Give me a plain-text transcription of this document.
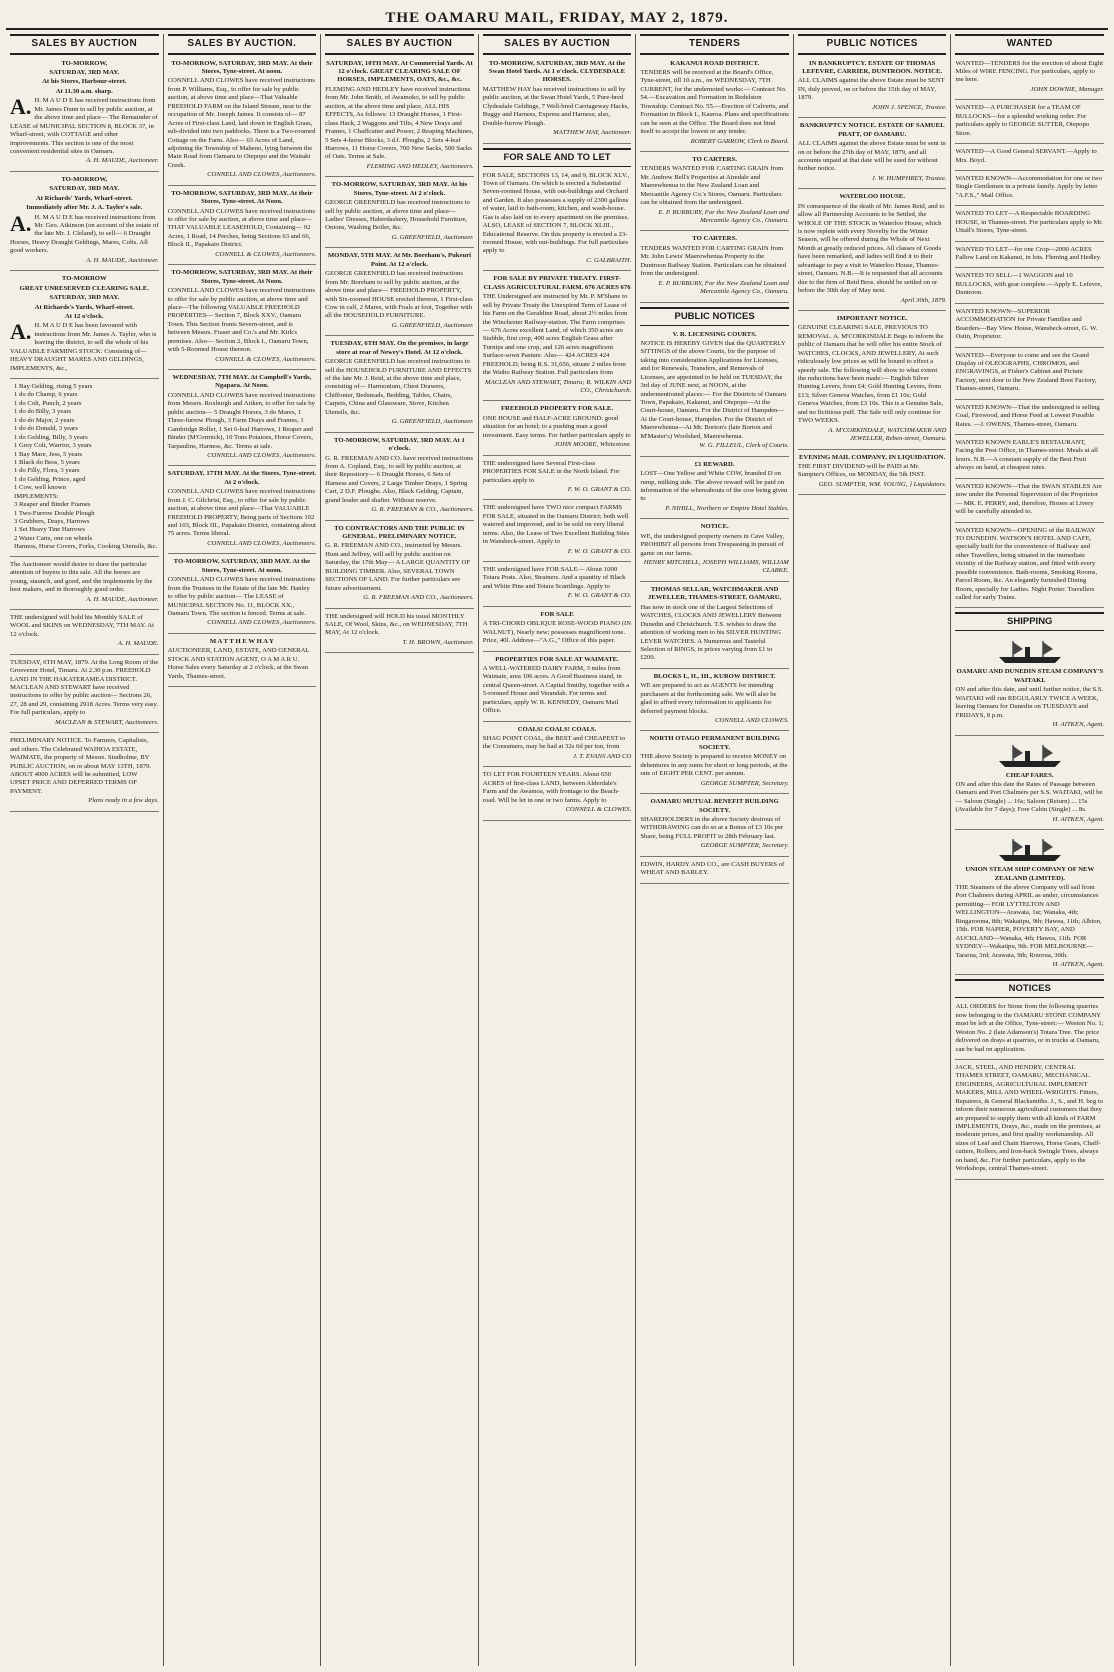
THE OAMARU MAIL, FRIDAY, MAY 2, 1879.
SALES BY AUCTION

TO-MORROW,

SATURDAY, 3RD MAY.

At his Stores, Harbour-street.

At 11.30 a.m. sharp.

A. H. M A U D E has received instructions from Mr. James Dunn to sell by public auction, at the above time and place— The Remainder of LEASE of MUNICIPAL SECTION 8, BLOCK 37, in Wharf-street, with COTTAGE and other improvements. This section is one of the most convenient residential sites in Oamaru.

A. H. MAUDE, Auctioneer.

TO-MORROW,

SATURDAY, 3RD MAY.

At Richards' Yards, Wharf-street.

Immediately after Mr. J. A. Tayler's sale.

A. H. M A U D E has received instructions from Mr. Geo. Atkinson (on account of the estate of the late Mr. J. Cleland), to sell— 6 Draught Horses, Heavy Draught Geldings, Mares, Colts. All good workers.

A. H. MAUDE, Auctioneer.

TO-MORROW

GREAT UNRESERVED CLEARING SALE.

SATURDAY, 3RD MAY.

At Richards's Yards, Wharf-street.

At 12 o'clock.

A. H. M A U D E has been favoured with instructions from Mr. James A. Tayler, who is leaving the district, to sell the whole of his VALUABLE FARMING STOCK: Consisting of— HEAVY DRAUGHT MARES AND GELDINGS, IMPLEMENTS, &c.,

1 Bay Gelding, rising 5 years

1 do do Champ, 6 years

1 do Colt, Punch, 2 years

1 do do Billy, 3 years

1 do do Major, 2 years

1 do do Donald, 3 years

1 do Gelding, Billy, 3 years

1 Grey Colt, Warrior, 3 years

1 Bay Mare, Jess, 5 years

1 Black do Bess, 5 years

1 do Filly, Flora, 3 years

1 do Gelding, Prince, aged

1 Cow, well known

IMPLEMENTS:

3 Reaper and Binder Frames

1 Two-Furrow Double Plough

3 Grubbers, Drays, Harrows

1 Set Heavy Tine Harrows

2 Water Carts, one on wheels

Harness, Horse Covers, Forks, Cooking Utensils, &c.

The Auctioneer would desire to draw the particular attention of buyers to this sale. All the horses are young, staunch, and good, and the implements by the best makers, and in thoroughly good order.

A. H. MAUDE, Auctioneer.

THE undersigned will hold his Monthly SALE of WOOL and SKINS on WEDNESDAY, 7TH MAY. At 12 o'clock.

A. H. MAUDE.

TUESDAY, 6TH MAY, 1879. At the Long Room of the Grosvenor Hotel, Timaru. At 2.30 p.m. FREEHOLD LAND IN THE HAKATERAMEA DISTRICT. MACLEAN AND STEWART have received instructions to offer by public auction— Sections 26, 27, 28 and 29, containing 2918 Acres. Terms very easy. For full particulars, apply to

MACLEAN & STEWART, Auctioneers.

PRELIMINARY NOTICE. To Farmers, Capitalists, and others. The Celebrated WAIHOA ESTATE, WAIMATE, the property of Messrs. Studholme, BY PUBLIC AUCTION, on or about MAY 13TH, 1879. ABOUT 4000 ACRES will be submitted, LOW UPSET PRICE AND DEFERRED TERMS OF PAYMENT.

Plans ready in a few days.

SALES BY AUCTION.

TO-MORROW, SATURDAY, 3RD MAY. At their Stores, Tyne-street. At noon.

CONNELL AND CLOWES have received instructions from P. Williams, Esq., to offer for sale by public auction, at above time and place—That Valuable FREEHOLD FARM on the Island Stream, near to the occupation of Mr. Joseph James. It consists of— 87 Acres of First-class Land, laid down in English Grass, sub-divided into two paddocks. There is a Two-roomed Cottage on the Farm. Also— 63 Acres of Land, adjoining the Township of Maheno, lying between the Main Road from Oamaru to Otepopo and the Waitaki Creek.

CONNELL AND CLOWES, Auctioneers.

TO-MORROW, SATURDAY, 3RD MAY. At their Stores, Tyne-street. At Noon.

CONNELL AND CLOWES have received instructions to offer for sale by auction, at above time and place—THAT VALUABLE LEASEHOLD, Containing— 92 Acres, 1 Road, 14 Perches, being Sections 63 and 66, Block II., Papakaio District.

CONNELL & CLOWES, Auctioneers.

TO-MORROW, SATURDAY, 3RD MAY. At their Stores, Tyne-street. At Noon.

CONNELL AND CLOWES have received instructions to offer for sale by public auction, at above time and place—The following VALUABLE FREEHOLD PROPERTIES— Section 7, Block XXV., Oamaru Town. This Section fronts Severn-street, and is between Messrs. Fraser and Co.'s and Mr. Kirk's premises. Also— Section 2, Block I., Oamaru Town, with 5-Roomed House thereon.

CONNELL & CLOWES, Auctioneers.

WEDNESDAY, 7TH MAY. At Campbell's Yards, Ngapara. At Noon.

CONNELL AND CLOWES have received instructions from Messrs. Roxburgh and Aitken, to offer for sale by public auction— 5 Draught Horses, 3 do Mares, 1 Three-furrow Plough, 3 Farm Drays and Frames, 1 Cambridge Roller, 1 Set 6-leaf Harrows, 1 Reaper and Binder (M'Cormick), 10 Tons Potatoes, Horse Covers, Tarpaulins, Harness, &c. Terms at sale.

CONNELL AND CLOWES, Auctioneers.

SATURDAY, 17TH MAY. At the Stores, Tyne-street. At 2 o'clock.

CONNELL AND CLOWES have received instructions from J. C. Gilchrist, Esq., to offer for sale by public auction, at above time and place—That VALUABLE FREEHOLD PROPERTY, Being parts of Sections 102 and 103, Block III., Papakaio District, containing about 75 acres. Terms liberal.

CONNELL AND CLOWES, Auctioneers.

TO-MORROW, SATURDAY, 3RD MAY. At the Stores, Tyne-street. At noon.

CONNELL AND CLOWES have received instructions from the Trustees in the Estate of the late Mr. Hanley to offer by public auction— The LEASE of MUNICIPAL SECTION No. 11, BLOCK XX., Oamaru Town. The section is fenced. Terms at sale.

CONNELL AND CLOWES, Auctioneers.

M A T T H E W H A Y

AUCTIONEER, LAND, ESTATE, AND GENERAL STOCK AND STATION AGENT, O A M A R U. Horse Sales every Saturday at 2 o'clock, at the Swan Yards, Thames-street.

SALES BY AUCTION

SATURDAY, 10TH MAY. At Commercial Yards. At 12 o'clock. GREAT CLEARING SALE OF HORSES, IMPLEMENTS, OATS, &c., &c.

FLEMING AND HEDLEY have received instructions from Mr. John Smith, of Awamoko, to sell by public auction, at the above time and place, ALL HIS EFFECTS, As follows: 13 Draught Horses, 1 First-class Hack, 2 Waggons and Tilts, 4 New Drays and Frames, 1 Chaffcutter and Power, 2 Reaping Machines, 5 Sets 4-horse Blocks, 3 d.f. Ploughs, 2 Sets 4-leaf Harrows, 11 Horse Covers, 700 New Sacks, 500 Sacks of Oats. Terms at Sale.

FLEMING AND HEDLEY, Auctioneers.

TO-MORROW, SATURDAY, 3RD MAY. At his Stores, Tyne-street. At 2 o'clock.

GEORGE GREENFIELD has received instructions to sell by public auction, at above time and place—Ladies' Dresses, Haberdashery, Household Furniture, Onions, Washing Boiler, &c.

G. GREENFIELD, Auctioneer.

MONDAY, 5TH MAY. At Mr. Boreham's, Pukeuri Point. At 12 o'clock.

GEORGE GREENFIELD has received instructions from Mr. Boreham to sell by public auction, at the above time and place— FREEHOLD PROPERTY, with Six-roomed HOUSE erected thereon, 1 First-class Cow in calf, 2 Mares, with Foals at foot, Together with all the HOUSEHOLD FURNITURE.

G. GREENFIELD, Auctioneer.

TUESDAY, 6TH MAY. On the premises, in large store at rear of Newey's Hotel. At 12 o'clock.

GEORGE GREENFIELD has received instructions to sell the HOUSEHOLD FURNITURE AND EFFECTS of the late Mr. J. Reid, at the above time and place, consisting of— Harmonium, Chest Drawers, Chiffonier, Bedsteads, Bedding, Tables, Chairs, Carpets, China and Glassware, Stove, Kitchen Utensils, &c.

G. GREENFIELD, Auctioneer.

TO-MORROW, SATURDAY, 3RD MAY. At 1 o'clock.

G. R. FREEMAN AND CO. have received instructions from A. Copland, Esq., to sell by public auction, at their Repository— 6 Draught Horses, 6 Sets of Harness and Covers, 2 Large Timber Drays, 1 Spring Cart, 2 D.F. Ploughs. Also, Black Gelding, Captain, grand leader and shafter. Without reserve.

G. R. FREEMAN & CO., Auctioneers.

TO CONTRACTORS AND THE PUBLIC IN GENERAL. PRELIMINARY NOTICE.

G. R. FREEMAN AND CO., instructed by Messrs. Hunt and Jeffrey, will sell by public auction on Saturday, the 17th May— A LARGE QUANTITY OF BUILDING TIMBER. Also, SEVERAL TOWN SECTIONS OF LAND. For further particulars see future advertisement.

G. R. FREEMAN AND CO., Auctioneers.

THE undersigned will HOLD his usual MONTHLY SALE, Of Wool, Skins, &c., on WEDNESDAY, 7TH MAY, At 12 o'clock.

T. H. BROWN, Auctioneer.

SALES BY AUCTION

TO-MORROW, SATURDAY, 3RD MAY. At the Swan Hotel Yards. At 1 o'clock. CLYDESDALE HORSES.

MATTHEW HAY has received instructions to sell by public auction, at the Swan Hotel Yards, 5 Pure-bred Clydesdale Geldings, 7 Well-bred Carriageway Hacks, Buggy and Harness, Express and Harness; also, Double-furrow Plough.

MATTHEW HAY, Auctioneer.

FOR SALE AND TO LET

FOR SALE, SECTIONS 13, 14, and 9, BLOCK XLV., Town of Oamaru. On which is erected a Substantial Seven-roomed House, with out-buildings and Orchard and Garden. It also possesses a supply of 2300 gallons of water, laid to bath-room, kitchen, and wash-house. Gas is also laid on to every apartment on the premises. ALSO, LEASE of SECTION 7, BLOCK XLIII., Educational Reserve. On this property is erected a 23-roomed House, with out-buildings. For full particulars apply to

C. GALBRAITH.

FOR SALE BY PRIVATE TREATY. FIRST-CLASS AGRICULTURAL FARM. 676 ACRES 676

THE Undersigned are instructed by Mr. P. M'Shane to sell by Private Treaty the Unexpired Term of Lease of his Farm on the Geraldine Road, about 2½ miles from the Winchester Railway-station. The Farm comprises— 676 Acres excellent Land, of which 350 acres are Stubble, first crop, 400 acres English Grass after Turnips and one crop, and 126 acres magnificent Surface-sown Pasture. Also— 424 ACRES 424 FREEHOLD, being R.S. 31,656, situate 2 miles from the Waiho Railway Station. Full particulars from

MACLEAN AND STEWART, Timaru; R. WILKIN AND CO., Christchurch.

FREEHOLD PROPERTY FOR SALE.

ONE HOUSE and HALF-ACRE GROUND: good situation for an hotel; to a pushing man a good investment. Easy terms. For further particulars apply to

JOHN MOORE, Whitestone.

THE undersigned have Several First-class PROPERTIES FOR SALE in the North Island. For particulars apply to

F. W. O. GRANT & CO.

THE undersigned have TWO nice compact FARMS FOR SALE, situated in the Oamaru District; both well watered and improved, and to be sold on very liberal terms. Also, the Lease of Two Excellent Building Sites in Wansbeck-street. Apply to

F. W. O. GRANT & CO.

THE undersigned have FOR SALE— About 1000 Totara Posts. Also, Strainers. And a quantity of Black and White Pine and Totara Scantlings. Apply to

F. W. O. GRANT & CO.

FOR SALE

A TRI-CHORD OBLIQUE ROSE-WOOD PIANO (IN WALNUT), Nearly new; possesses magnificent tone. Price, 40l. Address—"A.G.," Office of this paper.

PROPERTIES FOR SALE AT WAIMATE.

A WELL-WATERED DAIRY FARM, 3 miles from Waimate, area 106 acres. A Good Business stand, in central Queen-street. A Capital Smithy, together with a 5-roomed House and Verandah. For terms and particulars, apply W. R. KENNEDY, Oamaru Mail Office.

COALS! COALS! COALS.

SHAG POINT COAL, the BEST and CHEAPEST to the Consumers, may be had at 32s 6d per ton, from

J. T. EVANS AND CO

TO LET FOR FOURTEEN YEARS. About 650 ACRES of first-class LAND, between Alderdale's Farm and the Awamoa, with frontage to the Beach-road. Will be let in one or two farms. Apply to

CONNELL & CLOWES.

TENDERS

KAKANUI ROAD DISTRICT.

TENDERS will be received at the Board's Office, Tyne-street, till 10 a.m., on WEDNESDAY, 7TH CURRENT, for the undernoted works:— Contract No. 54.—Excavation and Formation in Redelston Township. Contract No. 55.—Erection of Culverts, and Formation in Block I., Kauroa. Plans and specifications can be seen at the Office. The Board does not bind itself to accept the lowest or any tender.

ROBERT GARROW, Clerk to Board.

TO CARTERS.

TENDERS WANTED FOR CARTING GRAIN from Mr. Andrew Bell's Properties at Airedale and Maerewhenua to the New Zealand Loan and Mercantile Agency Co.'s Stores, Oamaru. Particulars can be obtained from the undersigned.

E. P. BURBURY, For the New Zealand Loan and Mercantile Agency Co., Oamaru.

TO CARTERS.

TENDERS WANTED FOR CARTING GRAIN from Mr. John Lewis' Maerewhenua Property to the Duntroon Railway Station. Particulars can be obtained from the undersigned.

E. P. BURBURY, For the New Zealand Loan and Mercantile Agency Co., Oamaru.

PUBLIC NOTICES

V. R. LICENSING COURTS.

NOTICE IS HEREBY GIVEN that the QUARTERLY SITTINGS of the above Courts, for the purpose of taking into consideration Applications for Licenses, and for Renewals, Transfers, and Removals of Licenses, are appointed to be held on TUESDAY, the 3rd day of JUNE next, at NOON, at the undermentioned places:— For the Districts of Oamaru Town, Papakaio, Kakanui, and Otepopo—At the Court-house, Oamaru. For the District of Hampden—At the Court-house, Hampden. For the District of Maerewhenua—At Mr. Borton's (late Borton and M'Master's) Woolshed, Maerewhenua.

W. G. FILLEUL, Clerk of Courts.

£1 REWARD.

LOST—One Yellow and White COW, branded D on rump, milking side. The above reward will be paid on information of the whereabouts of the cow being given to

P. NIHILL, Northern or Empire Hotel Stables.

NOTICE.

WE, the undersigned property owners in Cave Valley, PROHIBIT all persons from Trespassing in pursuit of game on our farms.

HENRY MITCHELL, JOSEPH WILLIAMS, WILLIAM CLARKE.

THOMAS SELLAR, WATCHMAKER AND JEWELLER, THAMES-STREET, OAMARU,

Has now in stock one of the Largest Selections of WATCHES, CLOCKS AND JEWELLERY Between Dunedin and Christchurch. T.S. wishes to draw the attention of working men to his SILVER HUNTING LEVER WATCHES. A Numerous and Tasteful Selection of RINGS, in prices varying from £1 to £200.

BLOCKS I., II., III., KUROW DISTRICT.

WE are prepared to act as AGENTS for intending purchasers at the forthcoming sale. We will also be glad to afford every information to applicants for deferred payment blocks.

CONNELL AND CLOWES.

NORTH OTAGO PERMANENT BUILDING SOCIETY.

THE above Society is prepared to receive MONEY on debentures in any sums for short or long periods, at the rate of EIGHT PER CENT. per annum.

GEORGE SUMPTER, Secretary.

OAMARU MUTUAL BENEFIT BUILDING SOCIETY.

SHAREHOLDERS in the above Society desirous of WITHDRAWING can do so at a Bonus of £3 10s per Share, being FULL PROFIT to 28th February last.

GEORGE SUMPTER, Secretary.

EDWIN, HARDY AND CO., are CASH BUYERS of WHEAT AND BARLEY.

PUBLIC NOTICES

IN BANKRUPTCY. ESTATE OF THOMAS LEFEVRE, CARRIER, DUNTROON. NOTICE.

ALL CLAIMS against the above Estate must be SENT IN, duly proved, on or before the 15th day of MAY, 1879.

JOHN J. SPENCE, Trustee.

BANKRUPTCY NOTICE. ESTATE OF SAMUEL PRATT, OF OAMARU.

ALL CLAIMS against the above Estate must be sent in on or before the 27th day of MAY, 1879, and all accounts unpaid at that date will be sued for without further notice.

J. W. HUMPHREY, Trustee.

WATERLOO HOUSE.

IN consequence of the death of Mr. James Reid, and to allow all Partnership Accounts to be Settled, the WHOLE OF THE STOCK in Waterloo House, which is now replete with every Novelty for the Winter Season, will be offered during the Whole of Next Month at greatly reduced prices. All classes of Goods have been remarked, and ladies will find it to their advantage to pay a visit to Waterloo House, Thames-street, Oamaru. N.B.—It is requested that all accounts due to the firm of Reid Bros. should be settled on or before the 30th day of May next.

April 30th, 1879.

IMPORTANT NOTICE.

GENUINE CLEARING SALE, PREVIOUS TO REMOVAL. A. M'CORKINDALE Begs to inform the public of Oamaru that he will offer his entire Stock of WATCHES, CLOCKS, AND JEWELLERY, At such ridiculously low prices as will be bound to effect a speedy sale. The following will show to what extent the reductions have been made:— English Silver Hunting Levers, from £4; Gold Hunting Levers, from £13; Silver Geneva Watches, from £1 10s; Gold Geneva Watches, from £3 10s. This is a Genuine Sale, and no fictitious puff. The Sale will only continue for TWO WEEKS.

A. M'CORKINDALE, WATCHMAKER AND JEWELLER, Reben-street, Oamaru.

EVENING MAIL COMPANY, IN LIQUIDATION.

THE FIRST DIVIDEND will be PAID at Mr. Sumpter's Offices, on MONDAY, the 5th INST.

GEO. SUMPTER, WM. YOUNG, } Liquidators.

WANTED

WANTED—TENDERS for the erection of about Eight Miles of WIRE FENCING. For particulars, apply to me here.

JOHN DOWNIE, Manager.

WANTED—A PURCHASER for a TEAM OF BULLOCKS—for a splendid working order. For particulars apply to GEORGE SUTTER, Otepopo Store.

WANTED—A Good General SERVANT.—Apply to Mrs. Boyd.

WANTED KNOWN—Accommodation for one or two Single Gentlemen in a private family. Apply by letter "A.F.S.," Mail Office.

WANTED TO LET—A Respectable BOARDING HOUSE, in Thames-street. For particulars apply to Mr. Uttall's Stores, Tyne-street.

WANTED TO LET—for one Crop—2000 ACRES Fallow Land on Kakanui, in lots. Fleming and Hedley.

WANTED TO SELL—1 WAGGON and 10 BULLOCKS, with gear complete.—Apply E. Lefevre, Duntroon.

WANTED KNOWN—SUPERIOR ACCOMMODATION for Private Families and Boarders—Bay View House, Wansbeck-street, G. W. Ostin, Proprietor.

WANTED—Everyone to come and see the Grand Display of OLEOGRAPHS, CHROMOS, and ENGRAVINGS, at Fisher's Cabinet and Picture Factory, next door to the New Zealand Boot Factory, Thames-street, Oamaru.

WANTED KNOWN—That the undersigned is selling Coal, Firewood, and Horse Feed at Lowest Possible Rates. —J. OWENS, Thames-street, Oamaru.

WANTED KNOWN EARLE'S RESTAURANT, Facing the Post Office, in Thames-street. Meals at all hours. N.B.—A constant supply of the Best Fruit always on hand, at cheapest rates.

WANTED KNOWN—That the SWAN STABLES Are now under the Personal Supervision of the Proprietor— MR. E. PERRY, and, therefore, Horses at Livery will be carefully attended to.

WANTED KNOWN—OPENING of the RAILWAY TO DUNEDIN. WATSON'S HOTEL AND CAFE, specially built for the convenience of Railway and other Travellers, being situated in the immediate vicinity of the Railway station, and fitted with every possible convenience. Bath-rooms, Smoking Rooms, Parcel Room, &c. An elegantly furnished Dining Room, specially for Ladies. Night Porter. Travellers called for early Trains.

SHIPPING

OAMARU AND DUNEDIN STEAM COMPANY'S WAITAKI.

ON and after this date, and until further notice, the S.S. WAITAKI will run REGULARLY TWICE A WEEK, leaving Oamaru for Dunedin on TUESDAYS and FRIDAYS, 8 p.m.

H. AITKEN, Agent.

CHEAP FARES.

ON and after this date the Rates of Passage between Oamaru and Port Chalmers per S.S. WAITAKI, will be— Saloon (Single) ... 16s; Saloon (Return) ... 15s (Available for 7 days); Fore Cabin (Single) ... 8s.

H. AITKEN, Agent.

UNION STEAM SHIP COMPANY OF NEW ZEALAND (LIMITED).

THE Steamers of the above Company will sail from Port Chalmers during APRIL as under, circumstances permitting— FOR LYTTELTON AND WELLINGTON—Arawata, 1st; Wanaka, 4th; Ringarooma, 8th; Wakatipu, 9th; Hawea, 11th; Albion, 15th. FOR NAPIER, POVERTY BAY, AND AUCKLAND—Wanaka, 4th; Hawea, 11th. FOR SYDNEY—Wakatipu, 9th. FOR MELBOURNE—Tararua, 3rd; Arawata, 9th; Rotorua, 30th.

H. AITKEN, Agent.

NOTICES

ALL ORDERS for Stone from the following quarries now belonging to the OAMARU STONE COMPANY must be left at the Office, Tyne-street:— Weston No. 1; Weston No. 2 (late Adamson's) Totara Tree. The price delivered on drays at quarries, or in trucks at Oamaru, can be had on application.

JACK, STEEL, AND HENDRY, CENTRAL THAMES STREET, OAMARU, MECHANICAL ENGINEERS, AGRICULTURAL IMPLEMENT MAKERS, MILL AND WHEEL-WRIGHTS. Fitters, Repairers, & General Blacksmiths. J., S., and H. beg to inform their numerous agricultural customers that they are prepared to supply them with all kinds of FARM IMPLEMENTS, Drays, &c., made on the premises, at moderate prices, and first quality workmanship. All sizes of Leaf and Chain Harrows, Horse Gears, Chaff-cutters, Rollers, and Iron-back Swingle Trees, always on hand, &c. For further particulars, apply to the Workshops, central Thames-street.
